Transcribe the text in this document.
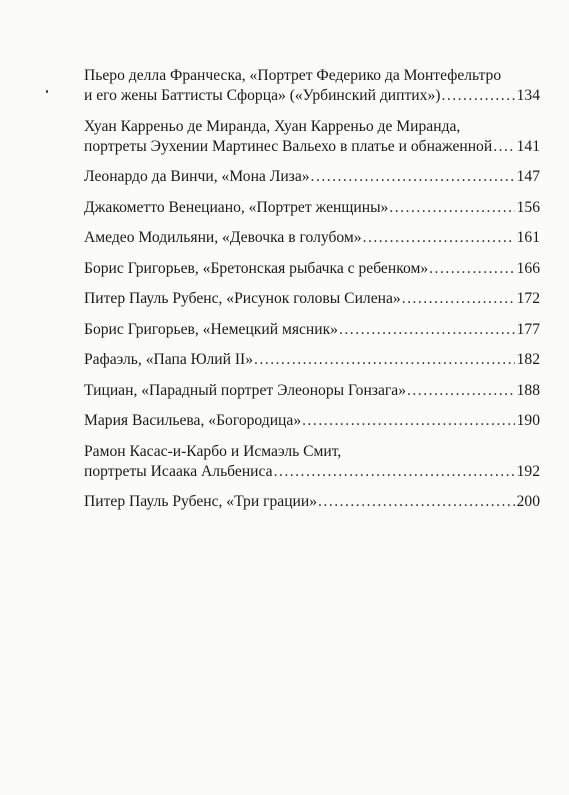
Пьеро делла Франческа, «Портрет Федерико да Монтефельтро
и его жены Баттисты Сфорца» («Урбинский диптих») . . .	134
Хуан Карреньо де Миранда, Хуан Карреньо де Миранда,
портреты Эухении Мартинес Вальехо в платье и обнаженной . . . 141
Леонардо да Винчи, «Мона Лиза» . . .	147
Джакометто Венециано, «Портрет женщины» . . .	156
Амедео Модильяни, «Девочка в голубом» . . .	161
Борис Григорьев, «Бретонская рыбачка с ребенком» . . .	166
Питер Пауль Рубенс, «Рисунок головы Силена» . . .	172
Борис Григорьев, «Немецкий мясник» . . .	177
Рафаэль, «Папа Юлий II» . . .	182
Тициан, «Парадный портрет Элеоноры Гонзага» . . .	188
Мария Васильева, «Богородица» . . .	190
Рамон Касас-и-Карбо и Исмаэль Смит,
портреты Исаака Альбениса . . .	192
Питер Пауль Рубенс, «Три грации» . . .	200
